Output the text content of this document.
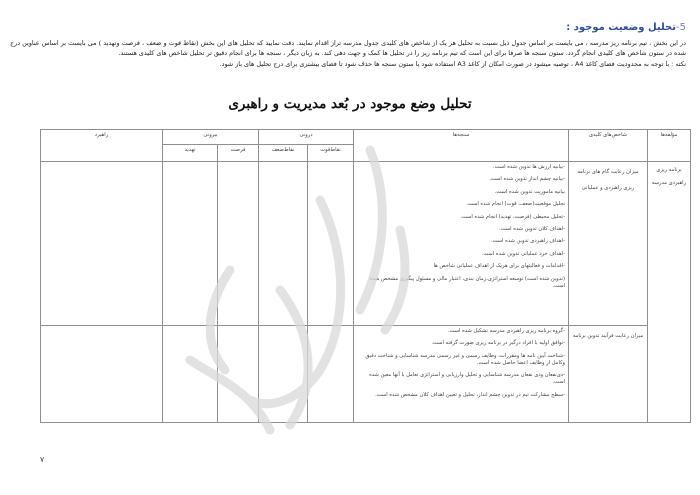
5-تحلیل وضعیت موجود :

در این بخش ، تیم برنامه ریز مدرسه ، می بایست بر اساس جدول ذیل نسبت به تحلیل هر یک از شاخص های کلیدی جدول مدرسه تراز اقدام نمایند. دقت نمایید که تحلیل های این بخش (نقاط قوت و ضعف ، فرصت وتهدید ) می بایست بر اساس عناوین درج شده در ستون شاخص های کلیدی انجام گردد. ستون سنجه ها صرفا برای این است که تیم برنامه ریز را در تحلیل ها کمک و جهت دهی کند. به زبان دیگر ، سنجه ها برای انجام دقیق تر تحلیل شاخص های کلیدی هستند.

نکته : با توجه به محدودیت فضای کاغذ A4 ، توصیه میشود در صورت امکان از کاغذ A3 استفاده شود یا ستون سنجه ها حذف شود تا فضای بیشتری برای درج تحلیل های باز شود.

تحلیل وضع موجود در بُعد مدیریت و راهبری
مؤلفه‌ها	شاخص‌های کلیدی	سنجه‌ها	درونی		بیرونی		راهبرد
			نقاط‌قوت	نقاط‌ضعف	فرصت	تهدید	
برنامه ریزی راهبردی مدرسه	میزان رعایت گام های برنامه ریزی راهبردی و عملیاتی	
-بیانیه ارزش ها تدوین شده است.
-بیانیه چشم انداز تدوین شده است.
بیانیه ماموریت تدوین شده است.
تحلیل موقعیت(ضعف، قوت) انجام شده است.
-تحلیل محیطی (فرصت، تهدید) انجام شده است.
-اهداف کلان تدوین شده است.
-اهداف راهبردی تدوین شده است.
-اهداف خرد عملیاتی تدوین شده است.
-اقدامات و فعالیتهای برای هریک از اهداف عملیاتی شاخص ها
(تدوین شده است) توسعه استراتژی،زمان بندی، اعتبار مالی و مسئول پیگیری مشخص شده است.

	میزان رعایت فرآیند تدوین برنامه	-گروه برنامه ریزی راهبردی مدرسه تشکیل شده است.
-توافق اولیه با افراد درگیر در برنامه ریزی صورت گرفته است.
-شناخت آیین نامه ها ومقررات، وظایف رسمی و غیر رسمی مدرسه شناسایی و شناخت دقیق وکامل از وظایف اعضا حاصل شده است.
-ذی‌نفعان وذی نفعان مدرسه شناسایی و تحلیل وارزیابی و استراتژی تعامل با آنها معین شده است.
-سطح مشارکت تیم در تدوین چشم انداز، تحلیل و تعیین اهداف کلان مشخص شده است.					

۷
